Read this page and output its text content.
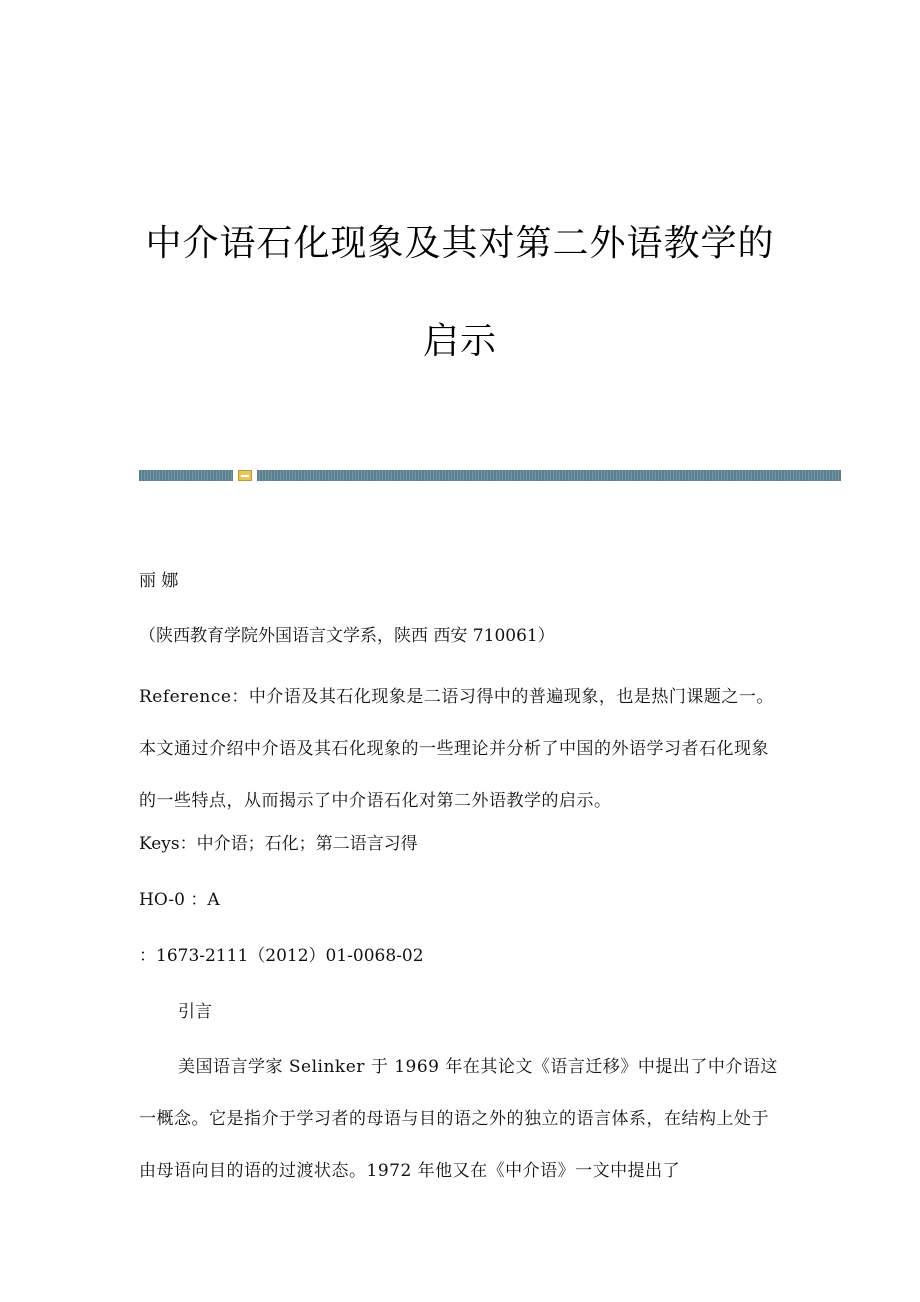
中介语石化现象及其对第二外语教学的
启示
丽 娜
（陕西教育学院外国语言文学系，陕西 西安 710061）
Reference：中介语及其石化现象是二语习得中的普遍现象，也是热门课题之一。本文通过介绍中介语及其石化现象的一些理论并分析了中国的外语学习者石化现象的一些特点，从而揭示了中介语石化对第二外语教学的启示。
Keys：中介语；石化；第二语言习得
HO-0 ：A
：1673-2111（2012）01-0068-02
引言
美国语言学家 Selinker 于 1969 年在其论文《语言迁移》中提出了中介语这一概念。它是指介于学习者的母语与目的语之外的独立的语言体系，在结构上处于由母语向目的语的过渡状态。1972 年他又在《中介语》一文中提出了
